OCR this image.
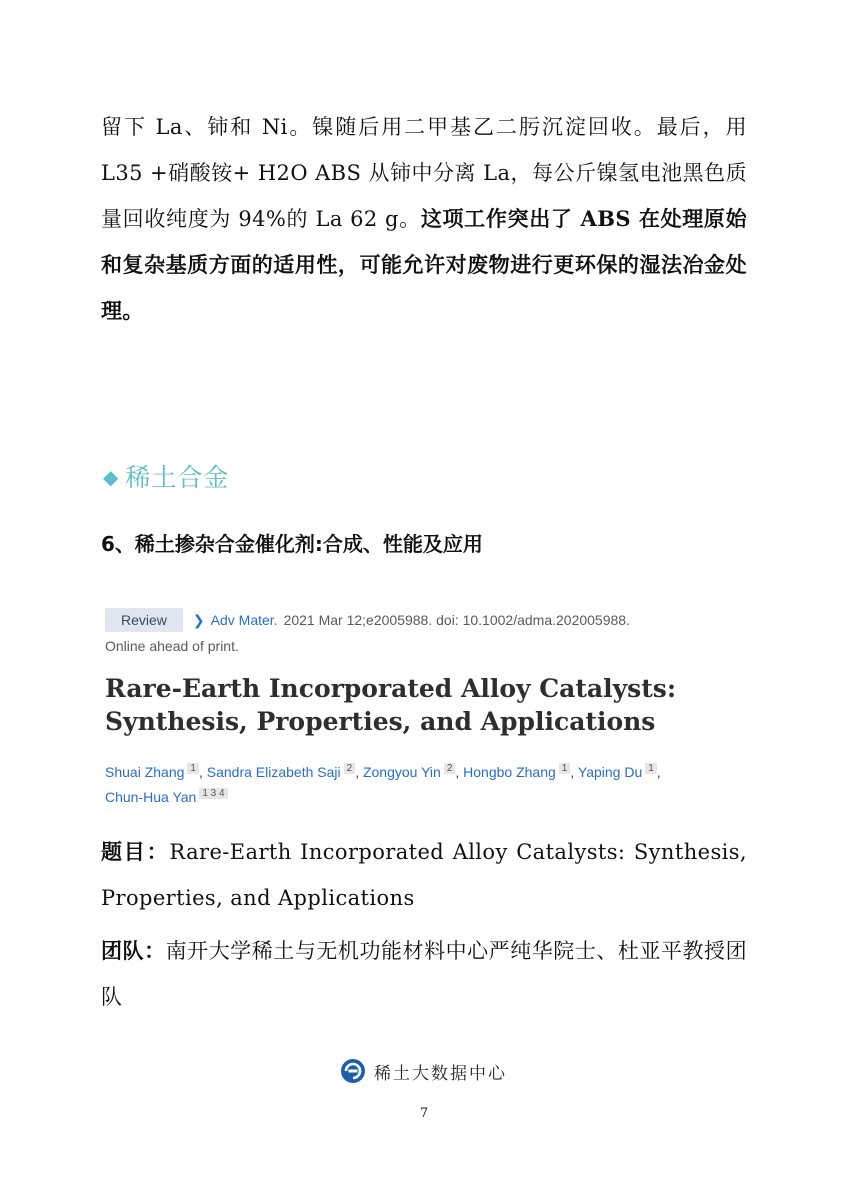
留下 La、铈和 Ni。镍随后用二甲基乙二肟沉淀回收。最后，用 L35 +硝酸铵+ H2O ABS 从铈中分离 La，每公斤镍氢电池黑色质量回收纯度为 94%的 La 62 g。这项工作突出了 ABS 在处理原始和复杂基质方面的适用性，可能允许对废物进行更环保的湿法冶金处理。

◆ 稀土合金
6、稀土掺杂合金催化剂:合成、性能及应用
Review	❯ Adv Mater. 2021 Mar 12;e2005988. doi: 10.1002/adma.202005988.
Online ahead of print.
Rare-Earth Incorporated Alloy Catalysts: Synthesis, Properties, and Applications
Shuai Zhang $^1$ , Sandra Elizabeth Saji $^2$ , Zongyou Yin $^2$ , Hongbo Zhang $^1$ , Yaping Du $^1$ ,
Chun-Hua Yan $^{1 3 4}$

题目：Rare-Earth Incorporated Alloy Catalysts: Synthesis, Properties, and Applications

团队：南开大学稀土与无机功能材料中心严纯华院士、杜亚平教授团队

稀土大数据中心
7
